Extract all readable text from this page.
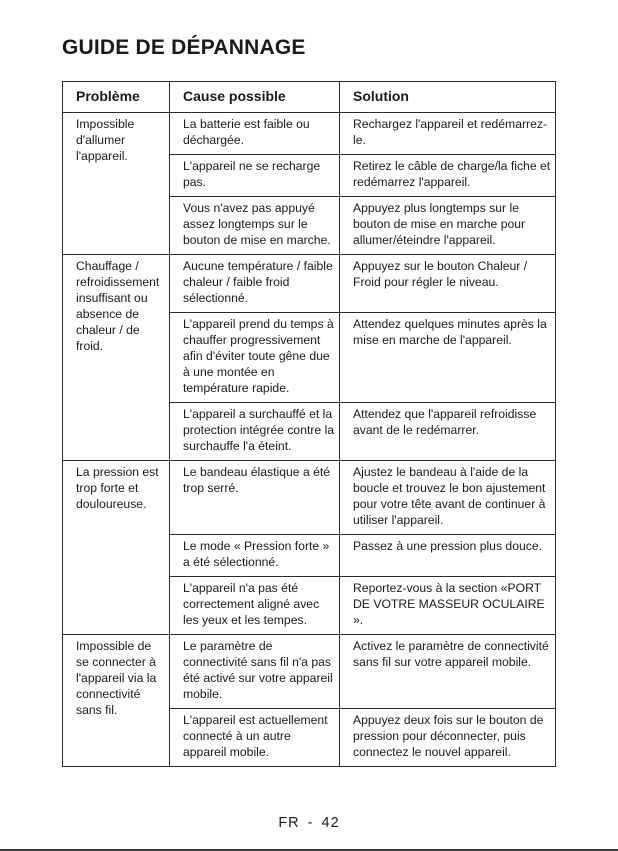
GUIDE DE DÉPANNAGE
Problème	Cause possible	Solution
Impossible d'allumer l'appareil.	La batterie est faible ou déchargée.	Rechargez l'appareil et redémarrez-le.
	L'appareil ne se recharge pas.	Retirez le câble de charge/la fiche et redémarrez l'appareil.
	Vous n'avez pas appuyé assez longtemps sur le bouton de mise en marche.	Appuyez plus longtemps sur le bouton de mise en marche pour allumer/éteindre l'appareil.
Chauffage / refroidissement insuffisant ou absence de chaleur / de froid.	Aucune température / faible chaleur / faible froid sélectionné.	Appuyez sur le bouton Chaleur / Froid pour régler le niveau.
	L'appareil prend du temps à chauffer progressivement afin d'éviter toute gêne due à une montée en température rapide.	Attendez quelques minutes après la mise en marche de l'appareil.
	L'appareil a surchauffé et la protection intégrée contre la surchauffe l'a éteint.	Attendez que l'appareil refroidisse avant de le redémarrer.
La pression est trop forte et douloureuse.	Le bandeau élastique a été trop serré.	Ajustez le bandeau à l'aide de la boucle et trouvez le bon ajustement pour votre tête avant de continuer à utiliser l'appareil.
	Le mode « Pression forte » a été sélectionné.	Passez à une pression plus douce.
	L'appareil n'a pas été correctement aligné avec les yeux et les tempes.	Reportez-vous à la section «PORT DE VOTRE MASSEUR OCULAIRE ».
Impossible de se connecter à l'appareil via la connectivité sans fil.	Le paramètre de connectivité sans fil n'a pas été activé sur votre appareil mobile.	Activez le paramètre de connectivité sans fil sur votre appareil mobile.
	L'appareil est actuellement connecté à un autre appareil mobile.	Appuyez deux fois sur le bouton de pression pour déconnecter, puis connectez le nouvel appareil.
FR - 42
